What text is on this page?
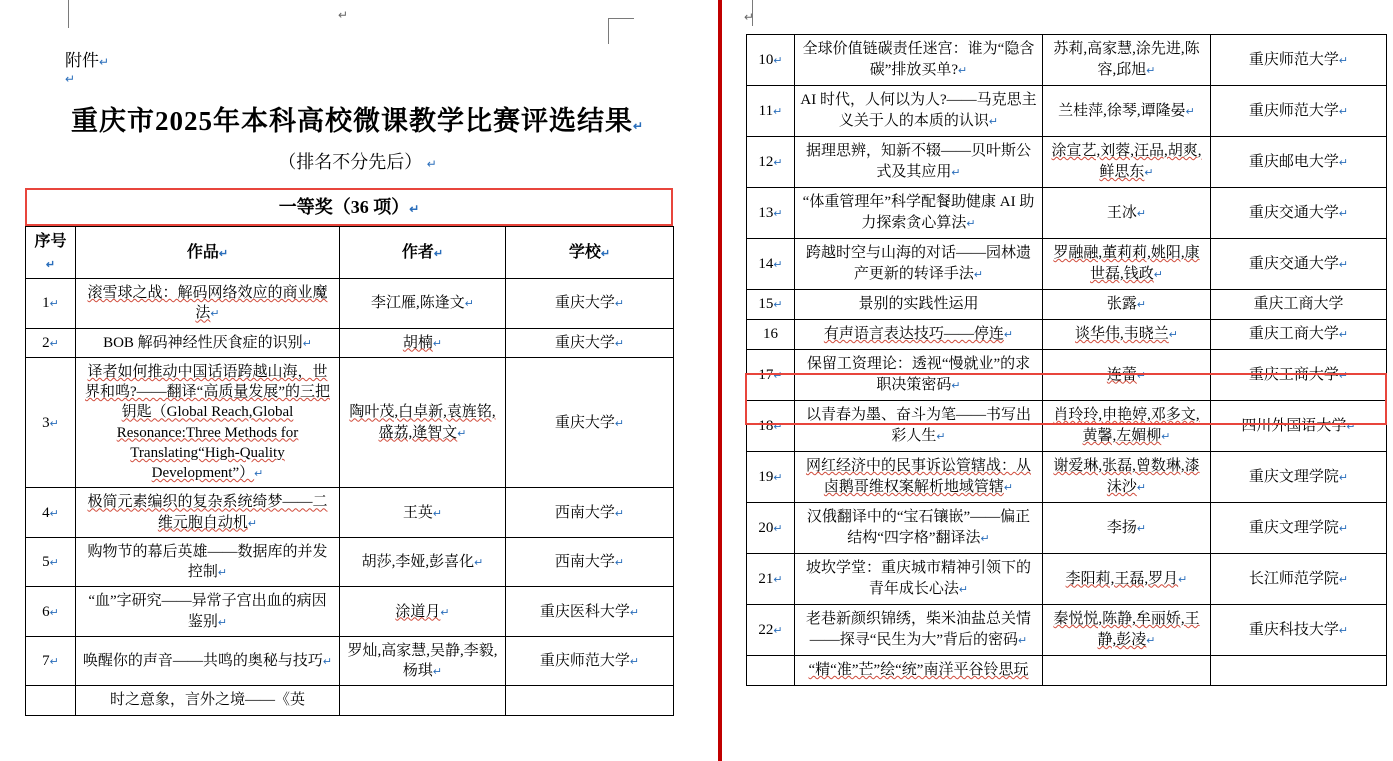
↵
附件↵
↵
重庆市2025年本科高校微课教学比赛评选结果↵
（排名不分先后） ↵
一等奖（36 项）↵
序号↵	作品↵	作者↵	学校↵
1↵	滚雪球之战：解码网络效应的商业魔法↵	李江雁,陈逢文↵	重庆大学↵
2↵	BOB 解码神经性厌食症的识别↵	胡楠↵	重庆大学↵
3↵	译者如何推动中国话语跨越山海，世界和鸣?——翻译“高质量发展”的三把钥匙（Global Reach,Global Resonance:Three Methods for Translating“High-Quality Development”）↵	陶叶茂,白卓新,袁旌铭,盛荔,逄智文↵	重庆大学↵
4↵	极简元素编织的复杂系统绮梦——二维元胞自动机↵	王英↵	西南大学↵
5↵	购物节的幕后英雄——数据库的并发控制↵	胡莎,李娅,彭喜化↵	西南大学↵
6↵	“血”字研究——异常子宫出血的病因鉴别↵	涂道月↵	重庆医科大学↵
7↵	唤醒你的声音——共鸣的奥秘与技巧↵	罗灿,高家慧,吴静,李毅,杨琪↵	重庆师范大学↵
	时之意象，言外之境——《英		
↵
10↵	全球价值链碳责任迷宫：谁为“隐含碳”排放买单?↵	苏莉,高家慧,涂先进,陈容,邱旭↵	重庆师范大学↵
11↵	AI 时代，人何以为人?——马克思主义关于人的本质的认识↵	兰桂萍,徐琴,谭隆晏↵	重庆师范大学↵
12↵	据理思辨，知新不辍——贝叶斯公式及其应用↵	涂宣艺,刘蓉,汪品,胡爽,鲜思东↵	重庆邮电大学↵
13↵	“体重管理年”科学配餐助健康 AI 助力探索贪心算法↵	王冰↵	重庆交通大学↵
14↵	跨越时空与山海的对话——园林遗产更新的转译手法↵	罗融融,董莉莉,姚阳,康世磊,钱政↵	重庆交通大学↵
15↵	景别的实践性运用	张露↵	重庆工商大学
16	有声语言表达技巧——停连↵	谈华伟,韦晓兰↵	重庆工商大学↵
17↵	保留工资理论：透视“慢就业”的求职决策密码↵	连蕾↵	重庆工商大学↵
18↵	以青春为墨、奋斗为笔——书写出彩人生↵	肖玲玲,申艳婷,邓多文,黄馨,左媚柳↵	四川外国语大学↵
19↵	网红经济中的民事诉讼管辖战：从卤鹅哥维权案解析地域管辖↵	谢爱琳,张磊,曾数琳,漆沬沙↵	重庆文理学院↵
20↵	汉俄翻译中的“宝石镶嵌”——偏正结构“四字格”翻译法↵	李扬↵	重庆文理学院↵
21↵	坡坎学堂：重庆城市精神引领下的青年成长心法↵	李阳莉,王磊,罗月↵	长江师范学院↵
22↵	老巷新颜织锦绣，柴米油盐总关情——探寻“民生为大”背后的密码↵	秦悦悦,陈静,牟丽娇,王静,彭凌↵	重庆科技大学↵
	“精“准”芒”绘“统”南洋平谷铃思玩		
